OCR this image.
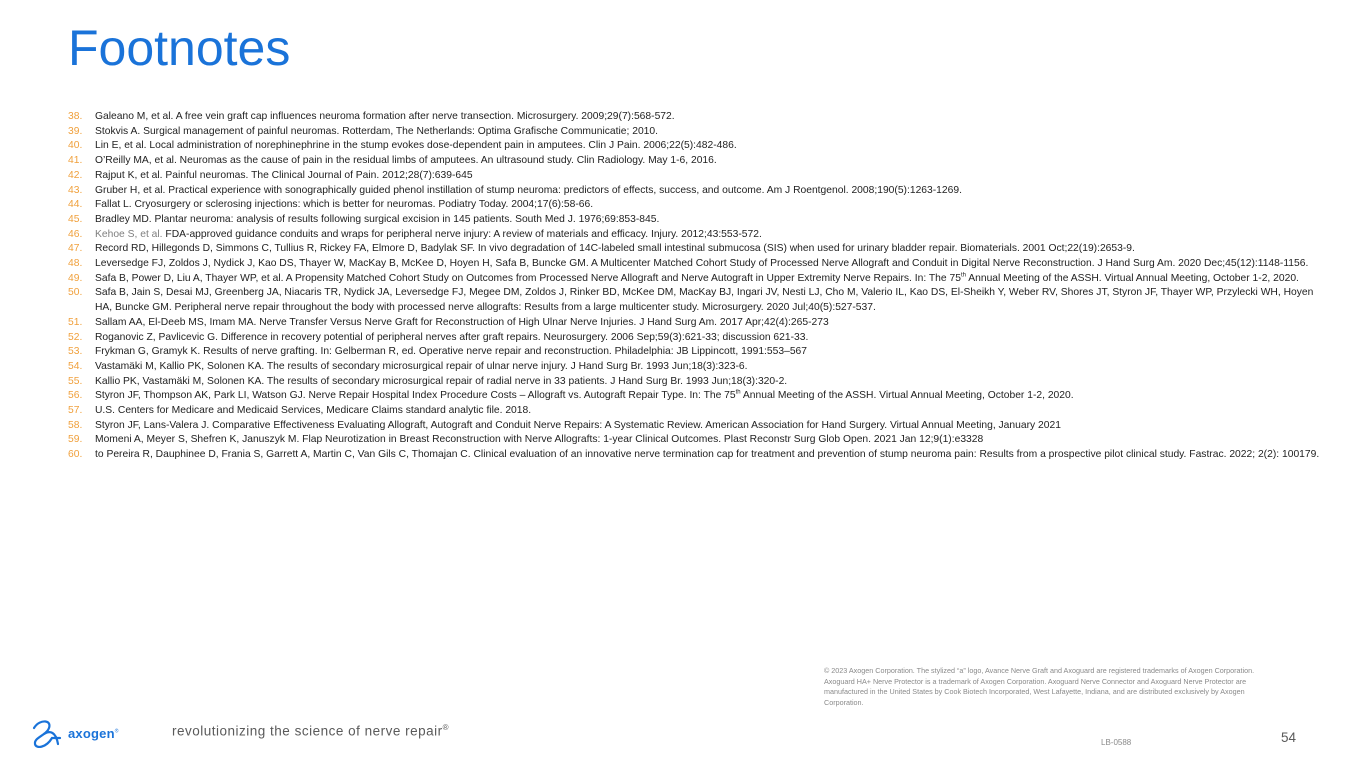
Footnotes
38.	Galeano M, et al. A free vein graft cap influences neuroma formation after nerve transection. Microsurgery. 2009;29(7):568-572.
39.	Stokvis A. Surgical management of painful neuromas. Rotterdam, The Netherlands: Optima Grafische Communicatie; 2010.
40.	Lin E, et al. Local administration of norephinephrine in the stump evokes dose-dependent pain in amputees. Clin J Pain. 2006;22(5):482-486.
41.	O’Reilly MA, et al. Neuromas as the cause of pain in the residual limbs of amputees. An ultrasound study. Clin Radiology. May 1-6, 2016.
42.	Rajput K, et al. Painful neuromas. The Clinical Journal of Pain. 2012;28(7):639-645
43.	Gruber H, et al. Practical experience with sonographically guided phenol instillation of stump neuroma: predictors of effects, success, and outcome. Am J Roentgenol. 2008;190(5):1263-1269.
44.	Fallat L. Cryosurgery or sclerosing injections: which is better for neuromas. Podiatry Today. 2004;17(6):58-66.
45.	Bradley MD. Plantar neuroma: analysis of results following surgical excision in 145 patients. South Med J. 1976;69:853-845.
46.	Kehoe S, et al. FDA-approved guidance conduits and wraps for peripheral nerve injury: A review of materials and efficacy. Injury. 2012;43:553-572.
47.	Record RD, Hillegonds D, Simmons C, Tullius R, Rickey FA, Elmore D, Badylak SF. In vivo degradation of 14C-labeled small intestinal submucosa (SIS) when used for urinary bladder repair. Biomaterials. 2001 Oct;22(19):2653-9.
48.	Leversedge FJ, Zoldos J, Nydick J, Kao DS, Thayer W, MacKay B, McKee D, Hoyen H, Safa B, Buncke GM. A Multicenter Matched Cohort Study of Processed Nerve Allograft and Conduit in Digital Nerve Reconstruction. J Hand Surg Am. 2020 Dec;45(12):1148-1156.
49.	Safa B, Power D, Liu A, Thayer WP, et al. A Propensity Matched Cohort Study on Outcomes from Processed Nerve Allograft and Nerve Autograft in Upper Extremity Nerve Repairs. In: The 75th Annual Meeting of the ASSH. Virtual Annual Meeting, October 1-2, 2020.
50.	Safa B, Jain S, Desai MJ, Greenberg JA, Niacaris TR, Nydick JA, Leversedge FJ, Megee DM, Zoldos J, Rinker BD, McKee DM, MacKay BJ, Ingari JV, Nesti LJ, Cho M, Valerio IL, Kao DS, El-Sheikh Y, Weber RV, Shores JT, Styron JF, Thayer WP, Przylecki WH, Hoyen HA, Buncke GM. Peripheral nerve repair throughout the body with processed nerve allografts: Results from a large multicenter study. Microsurgery. 2020 Jul;40(5):527-537.
51.	Sallam AA, El-Deeb MS, Imam MA. Nerve Transfer Versus Nerve Graft for Reconstruction of High Ulnar Nerve Injuries. J Hand Surg Am. 2017 Apr;42(4):265-273
52.	Roganovic Z, Pavlicevic G. Difference in recovery potential of peripheral nerves after graft repairs. Neurosurgery. 2006 Sep;59(3):621-33; discussion 621-33.
53.	Frykman G, Gramyk K. Results of nerve grafting. In: Gelberman R, ed. Operative nerve repair and reconstruction. Philadelphia: JB Lippincott, 1991:553–567
54.	Vastamäki M, Kallio PK, Solonen KA. The results of secondary microsurgical repair of ulnar nerve injury. J Hand Surg Br. 1993 Jun;18(3):323-6.
55.	Kallio PK, Vastamäki M, Solonen KA. The results of secondary microsurgical repair of radial nerve in 33 patients. J Hand Surg Br. 1993 Jun;18(3):320-2.
56.	Styron JF, Thompson AK, Park LI, Watson GJ. Nerve Repair Hospital Index Procedure Costs – Allograft vs. Autograft Repair Type. In: The 75th Annual Meeting of the ASSH. Virtual Annual Meeting, October 1-2, 2020.
57.	U.S. Centers for Medicare and Medicaid Services, Medicare Claims standard analytic file. 2018.
58.	Styron JF, Lans-Valera J. Comparative Effectiveness Evaluating Allograft, Autograft and Conduit Nerve Repairs: A Systematic Review. American Association for Hand Surgery. Virtual Annual Meeting, January 2021
59.	Momeni A, Meyer S, Shefren K, Januszyk M. Flap Neurotization in Breast Reconstruction with Nerve Allografts: 1-year Clinical Outcomes. Plast Reconstr Surg Glob Open. 2021 Jan 12;9(1):e3328
60.	to Pereira R, Dauphinee D, Frania S, Garrett A, Martin C, Van Gils C, Thomajan C. Clinical evaluation of an innovative nerve termination cap for treatment and prevention of stump neuroma pain: Results from a prospective pilot clinical study. Fastrac. 2022; 2(2): 100179.
© 2023 Axogen Corporation. The stylized “a” logo, Avance Nerve Graft and Axoguard are registered trademarks of Axogen Corporation. Axoguard HA+ Nerve Protector is a trademark of Axogen Corporation. Axoguard Nerve Connector and Axoguard Nerve Protector are manufactured in the United States by Cook Biotech Incorporated, West Lafayette, Indiana, and are distributed exclusively by Axogen Corporation.
axogen®	revolutionizing the science of nerve repair®
LB-0588	54
